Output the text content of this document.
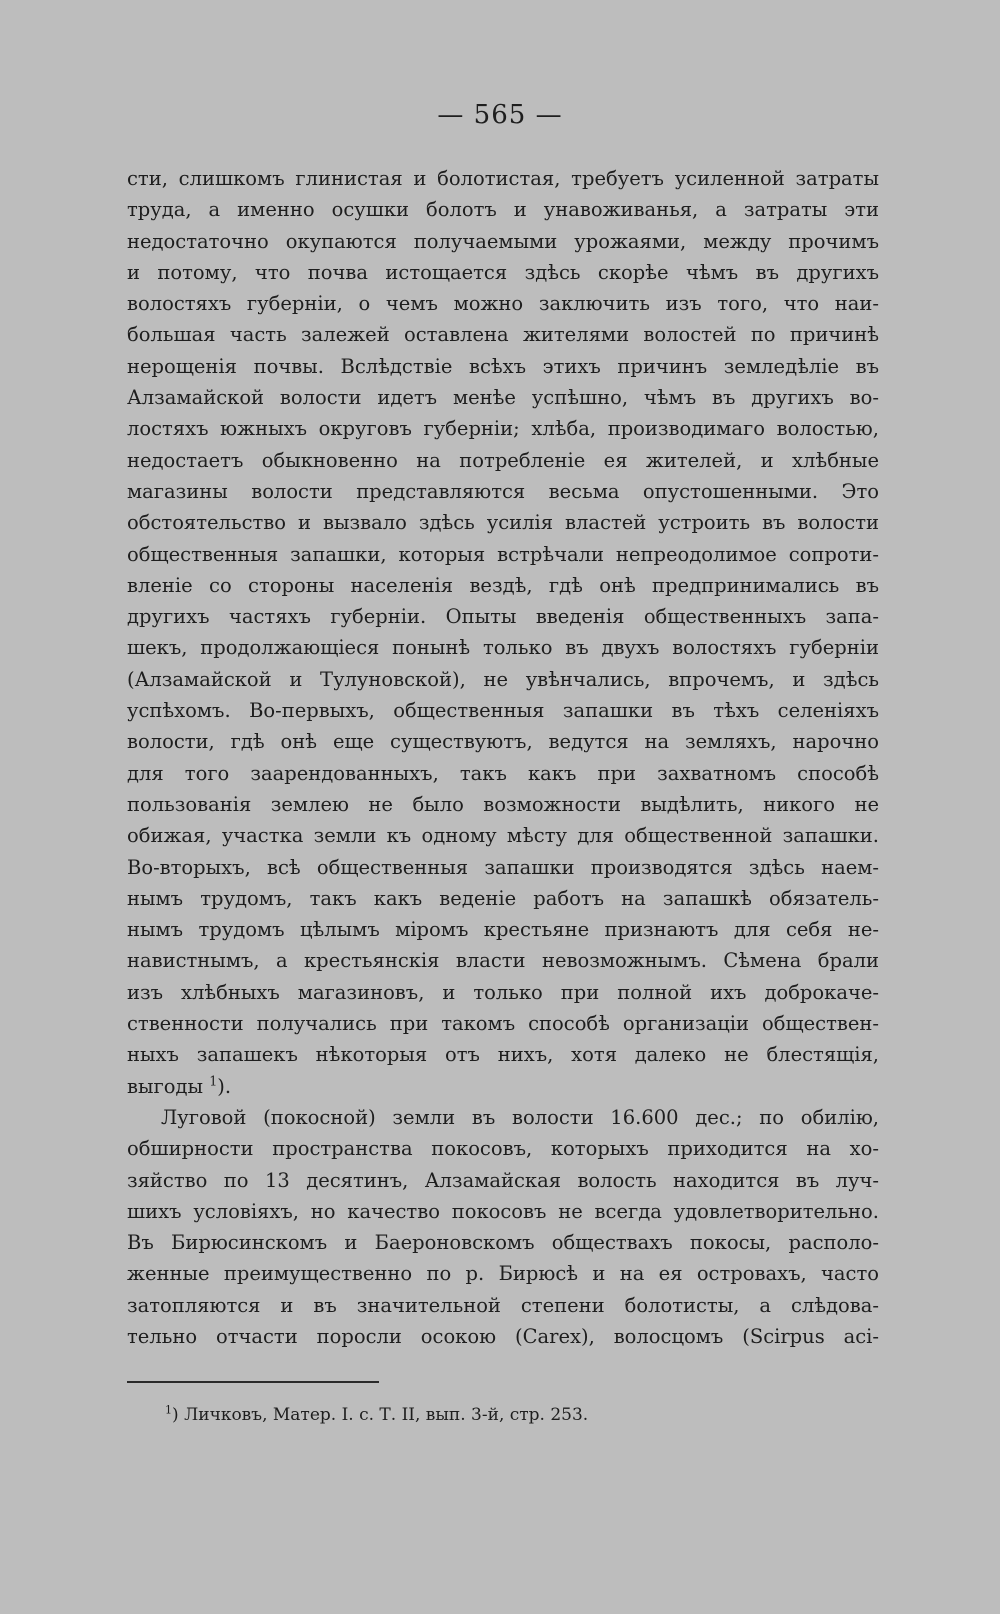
— 565 —
сти, слишкомъ глинистая и болотистая, требуетъ усиленной затраты
труда, а именно осушки болотъ и унавоживанья, а затраты эти
недостаточно окупаются получаемыми урожаями, между прочимъ
и потому, что почва истощается здѣсь скорѣе чѣмъ въ другихъ
волостяхъ губерніи, о чемъ можно заключить изъ того, что наи-
большая часть залежей оставлена жителями волостей по причинѣ
нерощенія почвы. Вслѣдствіе всѣхъ этихъ причинъ земледѣліе въ
Алзамайской волости идетъ менѣе успѣшно, чѣмъ въ другихъ во-
лостяхъ южныхъ округовъ губерніи; хлѣба, производимаго волостью,
недостаетъ обыкновенно на потребленіе ея жителей, и хлѣбные
магазины волости представляются весьма опустошенными. Это
обстоятельство и вызвало здѣсь усилія властей устроить въ волости
общественныя запашки, которыя встрѣчали непреодолимое сопроти-
вленіе со стороны населенія вездѣ, гдѣ онѣ предпринимались въ
другихъ частяхъ губерніи. Опыты введенія общественныхъ запа-
шекъ, продолжающіеся понынѣ только въ двухъ волостяхъ губерніи
(Алзамайской и Тулуновской), не увѣнчались, впрочемъ, и здѣсь
успѣхомъ. Во-первыхъ, общественныя запашки въ тѣхъ селеніяхъ
волости, гдѣ онѣ еще существуютъ, ведутся на земляхъ, нарочно
для того заарендованныхъ, такъ какъ при захватномъ способѣ
пользованія землею не было возможности выдѣлить, никого не
обижая, участка земли къ одному мѣсту для общественной запашки.
Во-вторыхъ, всѣ общественныя запашки производятся здѣсь наем-
нымъ трудомъ, такъ какъ веденіе работъ на запашкѣ обязатель-
нымъ трудомъ цѣлымъ міромъ крестьяне признаютъ для себя не-
навистнымъ, а крестьянскія власти невозможнымъ. Сѣмена брали
изъ хлѣбныхъ магазиновъ, и только при полной ихъ доброкаче-
ственности получались при такомъ способѣ организаціи обществен-
ныхъ запашекъ нѣкоторыя отъ нихъ, хотя далеко не блестящія,
выгоды $^1$).
Луговой (покосной) земли въ волости 16.600 дес.; по обилію,
обширности пространства покосовъ, которыхъ приходится на хо-
зяйство по 13 десятинъ, Алзамайская волость находится въ луч-
шихъ условіяхъ, но качество покосовъ не всегда удовлетворительно.
Въ Бирюсинскомъ и Баероновскомъ обществахъ покосы, располо-
женные преимущественно по р. Бирюсѣ и на ея островахъ, часто
затопляются и въ значительной степени болотисты, а слѣдова-
тельно отчасти поросли осокою (Carex), волосцомъ (Scirpus aci-
$^1$) Личковъ, Матер. І. с. Т. II, вып. 3-й, стр. 253.
